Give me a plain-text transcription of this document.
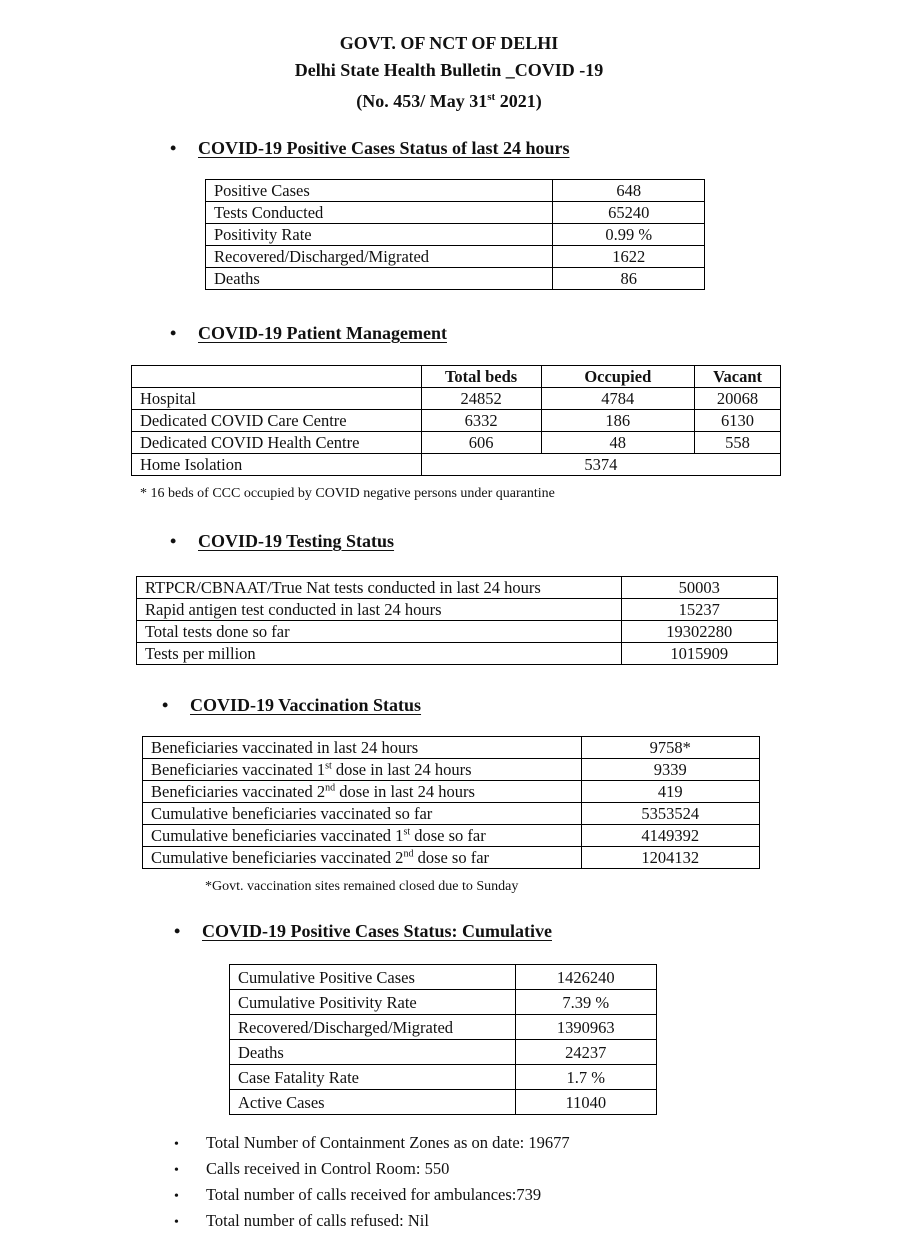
GOVT. OF NCT OF DELHI
Delhi State Health Bulletin _COVID -19
(No. 453/ May 31st 2021)
• COVID-19 Positive Cases Status of last 24 hours
Positive Cases	648
Tests Conducted	65240
Positivity Rate	0.99 %
Recovered/Discharged/Migrated	1622
Deaths	86
• COVID-19 Patient Management
	Total beds	Occupied	Vacant
Hospital	24852	4784	20068
Dedicated COVID Care Centre	6332	186	6130
Dedicated COVID Health Centre	606	48	558
Home Isolation	5374		
* 16 beds of CCC occupied by COVID negative persons under quarantine
• COVID-19 Testing Status
RTPCR/CBNAAT/True Nat tests conducted in last 24 hours	50003
Rapid antigen test conducted in last 24 hours	15237
Total tests done so far	19302280
Tests per million	1015909
• COVID-19 Vaccination Status
Beneficiaries vaccinated in last 24 hours	9758*
Beneficiaries vaccinated 1st dose in last 24 hours	9339
Beneficiaries vaccinated 2nd dose in last 24 hours	419
Cumulative beneficiaries vaccinated so far	5353524
Cumulative beneficiaries vaccinated 1st dose so far	4149392
Cumulative beneficiaries vaccinated 2nd dose so far	1204132
*Govt. vaccination sites remained closed due to Sunday
• COVID-19 Positive Cases Status: Cumulative
Cumulative Positive Cases	1426240
Cumulative Positivity Rate	7.39 %
Recovered/Discharged/Migrated	1390963
Deaths	24237
Case Fatality Rate	1.7 %
Active Cases	11040
• Total Number of Containment Zones as on date: 19677
• Calls received in Control Room: 550
• Total number of calls received for ambulances:739
• Total number of calls refused: Nil
